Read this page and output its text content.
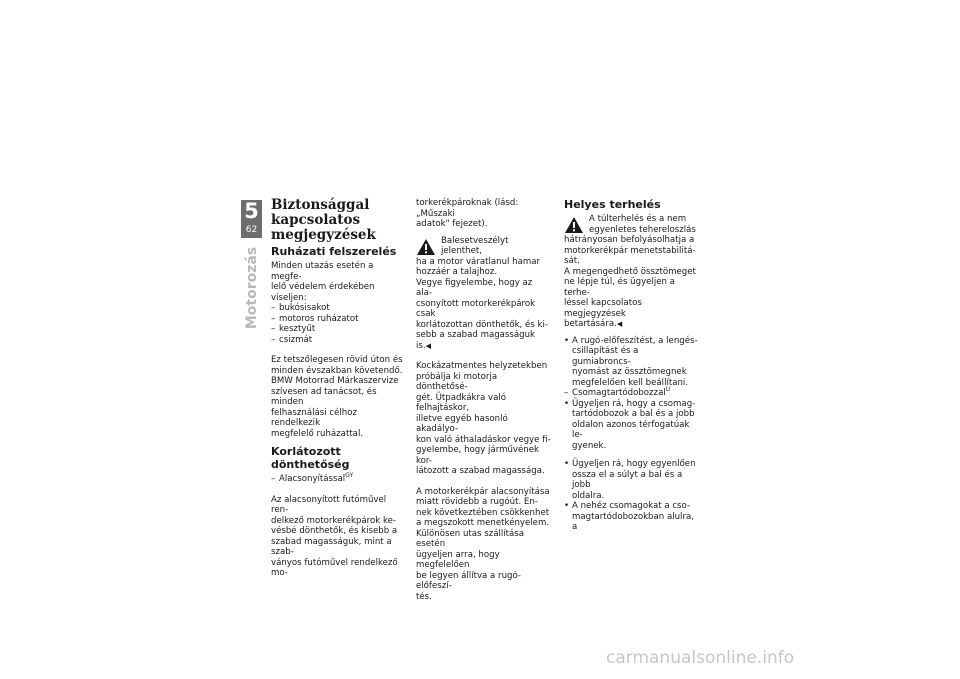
5
62
Motorozás
Biztonsággal
kapcsolatos
megjegyzések
Ruházati felszerelés

Minden utazás esetén a megfe-
lelő védelem érdekében viseljen:

– bukósisakot
– motoros ruházatot
– kesztyűt
– csizmát

Ez tetszőlegesen rövid úton és
minden évszakban követendő.
BMW Motorrad Márkaszervize
szívesen ad tanácsot, és minden
felhasználási célhoz rendelkezik
megfelelő ruházattal.

Korlátozott dönthetőség
– Alacsonyítással$^{GY}$

Az alacsonyított futóművel ren-
delkező motorkerékpárok ke-
vésbé dönthetők, és kisebb a
szabad magasságuk, mint a szab-
ványos futóművel rendelkező mo-

torkerékpároknak (lásd: „Műszaki
adatok" fejezet).

Balesetveszélyt jelenthet,
ha a motor váratlanul hamar

hozzáér a talajhoz.
Vegye figyelembe, hogy az ala-
csonyított motorkerékpárok csak
korlátozottan dönthetők, és ki-
sebb a szabad magasságuk is.◀

Kockázatmentes helyzetekben
próbálja ki motorja dönthetősé-
gét. Ütpadkákra való felhajtáskor,
illetve egyéb hasonló akadályo-
kon való áthaladáskor vegye fi-
gyelembe, hogy járművének kor-
látozott a szabad magassága.

A motorkerékpár alacsonyítása
miatt rövidebb a rugóút. En-
nek következtében csökkenhet
a megszokott menetkényelem.
Különösen utas szállítása esetén
ügyeljen arra, hogy megfelelően
be legyen állítva a rugó-előfeszí-
tés.

Helyes terhelés

A túlterhelés és a nem
egyenletes tehereloszlás

hátrányosan befolyásolhatja a
motorkerékpár menetstabilitá-
sát.
A megengedhető össztömeget
ne lépje túl, és ügyeljen a terhe-
léssel kapcsolatos megjegyzések
betartására.◀

• A rugó-előfeszítést, a lengés-
csillapítást és a gumiabroncs-
nyomást az össztömegnek
megfelelően kell beállítani.
– Csomagtartódobozzal$^U$
• Ügyeljen rá, hogy a csomag-
tartódobozok a bal és a jobb
oldalon azonos térfogatúak le-
gyenek.
• Ügyeljen rá, hogy egyenlően
ossza el a súlyt a bal és a jobb
oldalra.
• A nehéz csomagokat a cso-
magtartódobozokban alulra, a
carmanualsonline.info
